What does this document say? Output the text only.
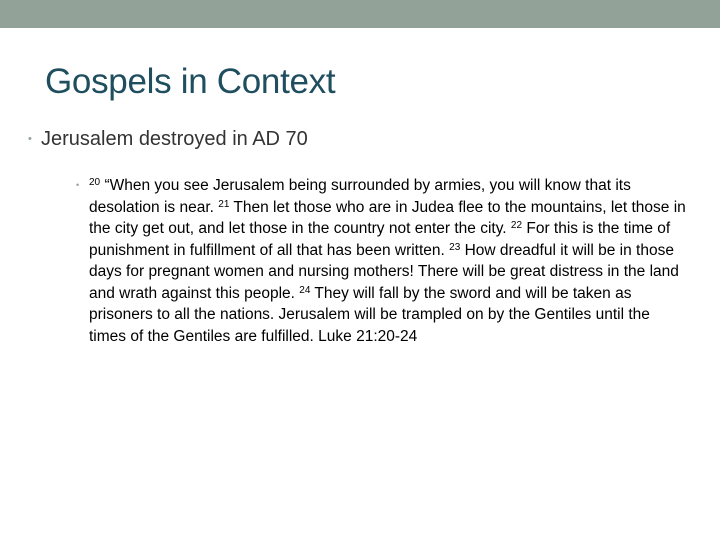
Gospels in Context
• Jerusalem destroyed in AD 70
• $^{20}$ “When you see Jerusalem being surrounded by armies, you will know that its desolation is near. $^{21}$ Then let those who are in Judea flee to the mountains, let those in the city get out, and let those in the country not enter the city. $^{22}$ For this is the time of punishment in fulfillment of all that has been written. $^{23}$ How dreadful it will be in those days for pregnant women and nursing mothers! There will be great distress in the land and wrath against this people. $^{24}$ They will fall by the sword and will be taken as prisoners to all the nations. Jerusalem will be trampled on by the Gentiles until the times of the Gentiles are fulfilled. Luke 21:20-24
